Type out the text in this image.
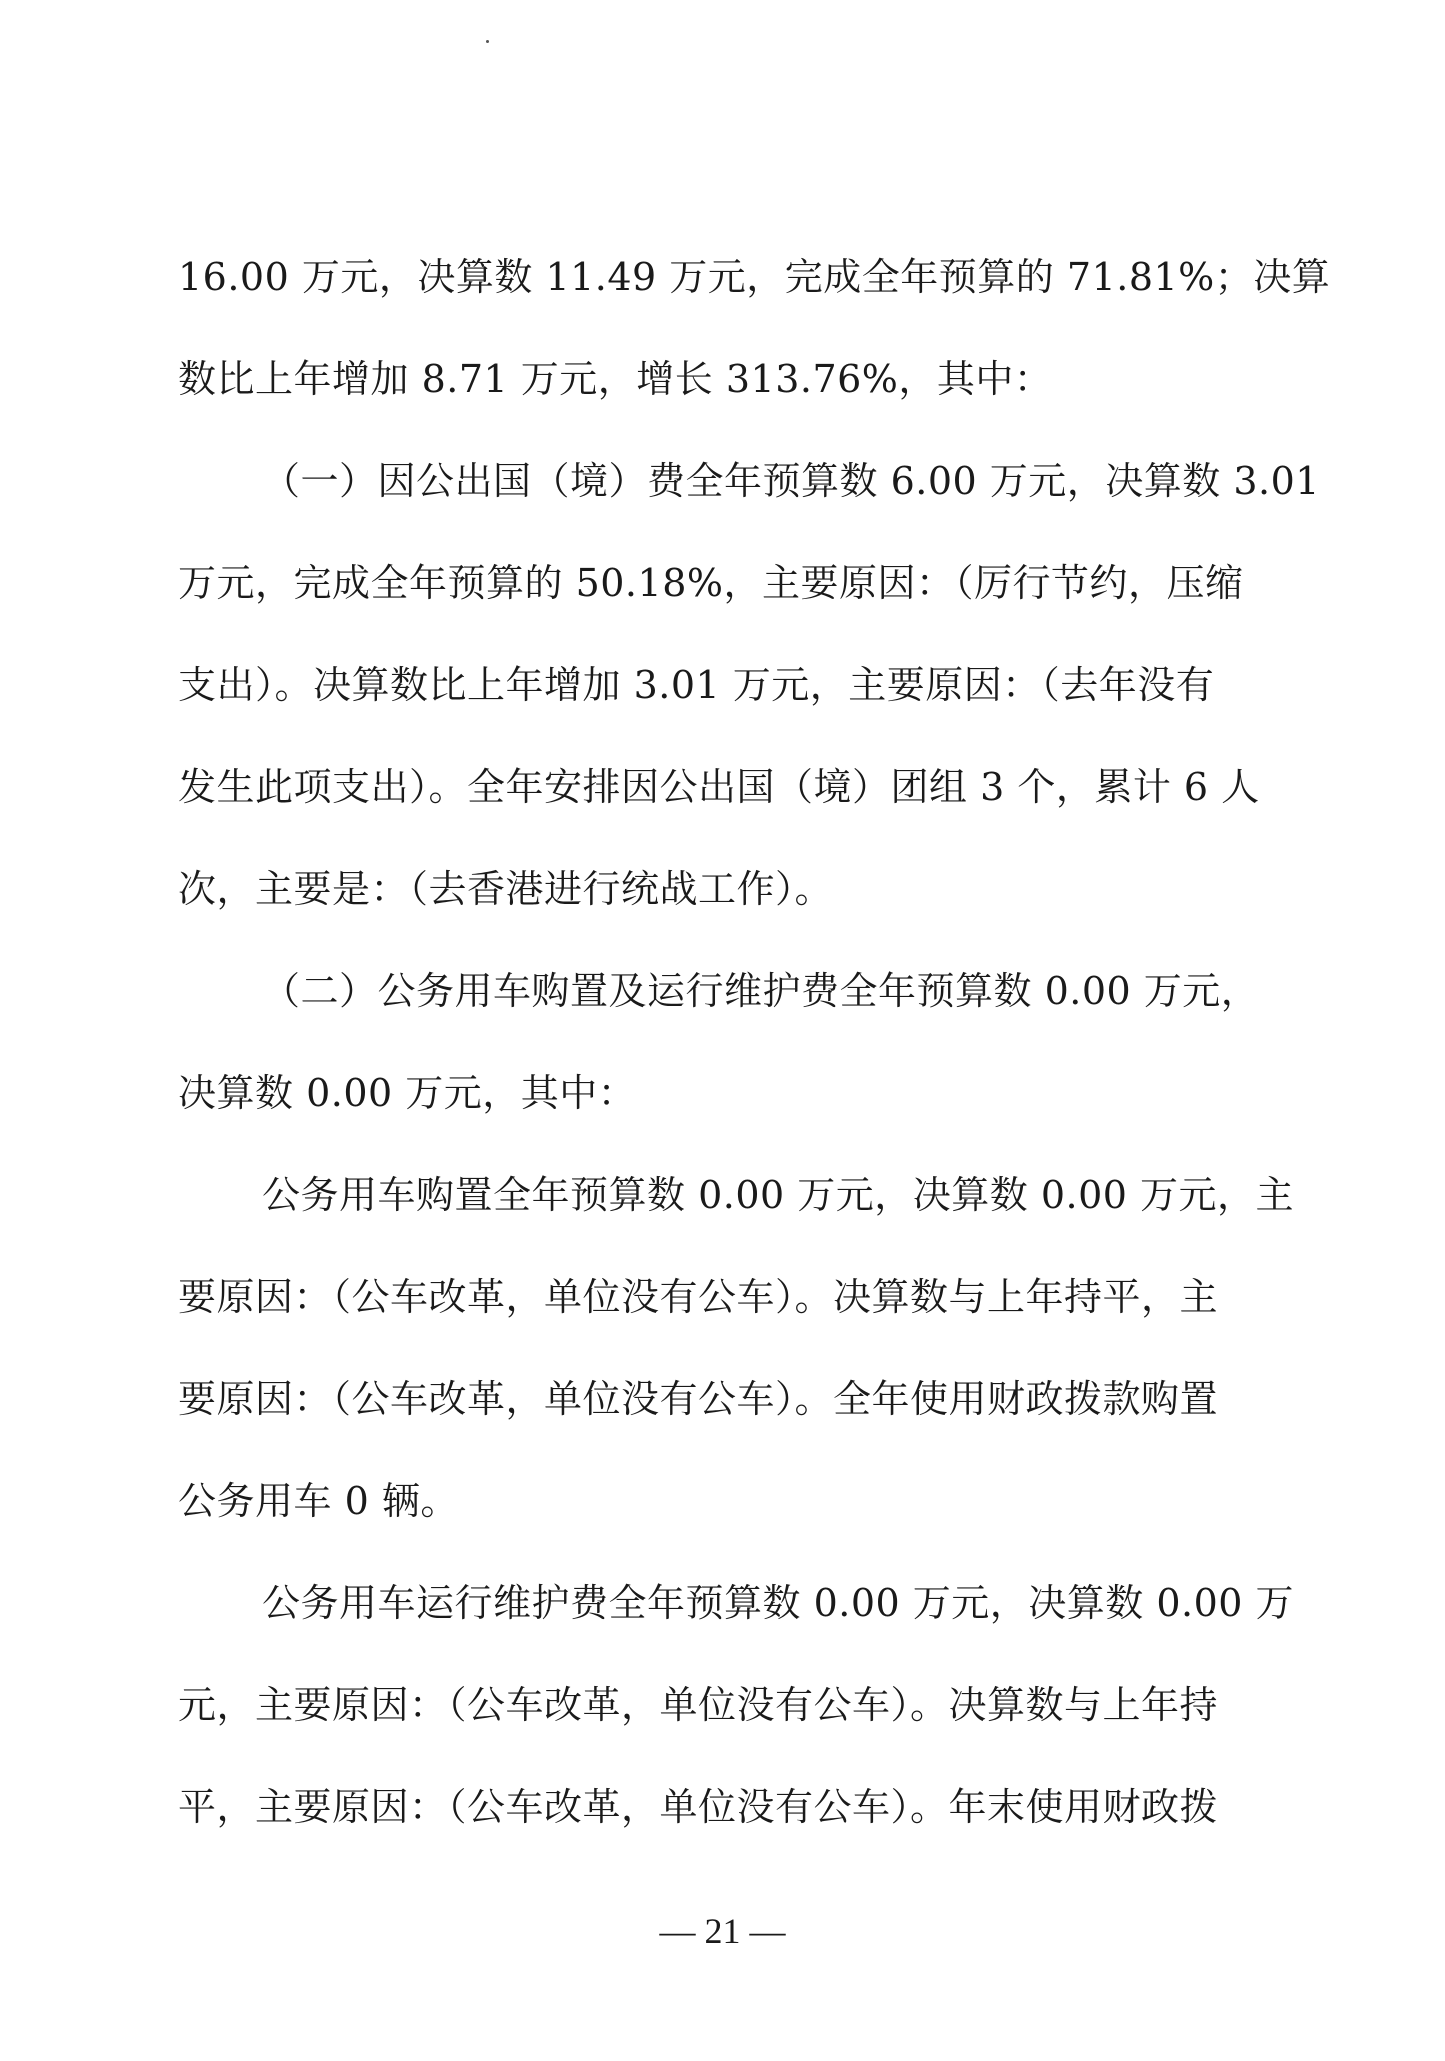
16.00 万元，决算数 11.49 万元，完成全年预算的 71.81%；决算
数比上年增加 8.71 万元，增长 313.76%，其中：
（一）因公出国（境）费全年预算数 6.00 万元，决算数 3.01
万元，完成全年预算的 50.18%，主要原因：（厉行节约，压缩
支出）。决算数比上年增加 3.01 万元，主要原因：（去年没有
发生此项支出）。全年安排因公出国（境）团组 3 个，累计 6 人
次，主要是：（去香港进行统战工作）。
（二）公务用车购置及运行维护费全年预算数 0.00 万元，
决算数 0.00 万元，其中：
公务用车购置全年预算数 0.00 万元，决算数 0.00 万元，主
要原因：（公车改革，单位没有公车）。决算数与上年持平，主
要原因：（公车改革，单位没有公车）。全年使用财政拨款购置
公务用车 0 辆。
公务用车运行维护费全年预算数 0.00 万元，决算数 0.00 万
元，主要原因：（公车改革，单位没有公车）。决算数与上年持
平，主要原因：（公车改革，单位没有公车）。年末使用财政拨
— 21 —
